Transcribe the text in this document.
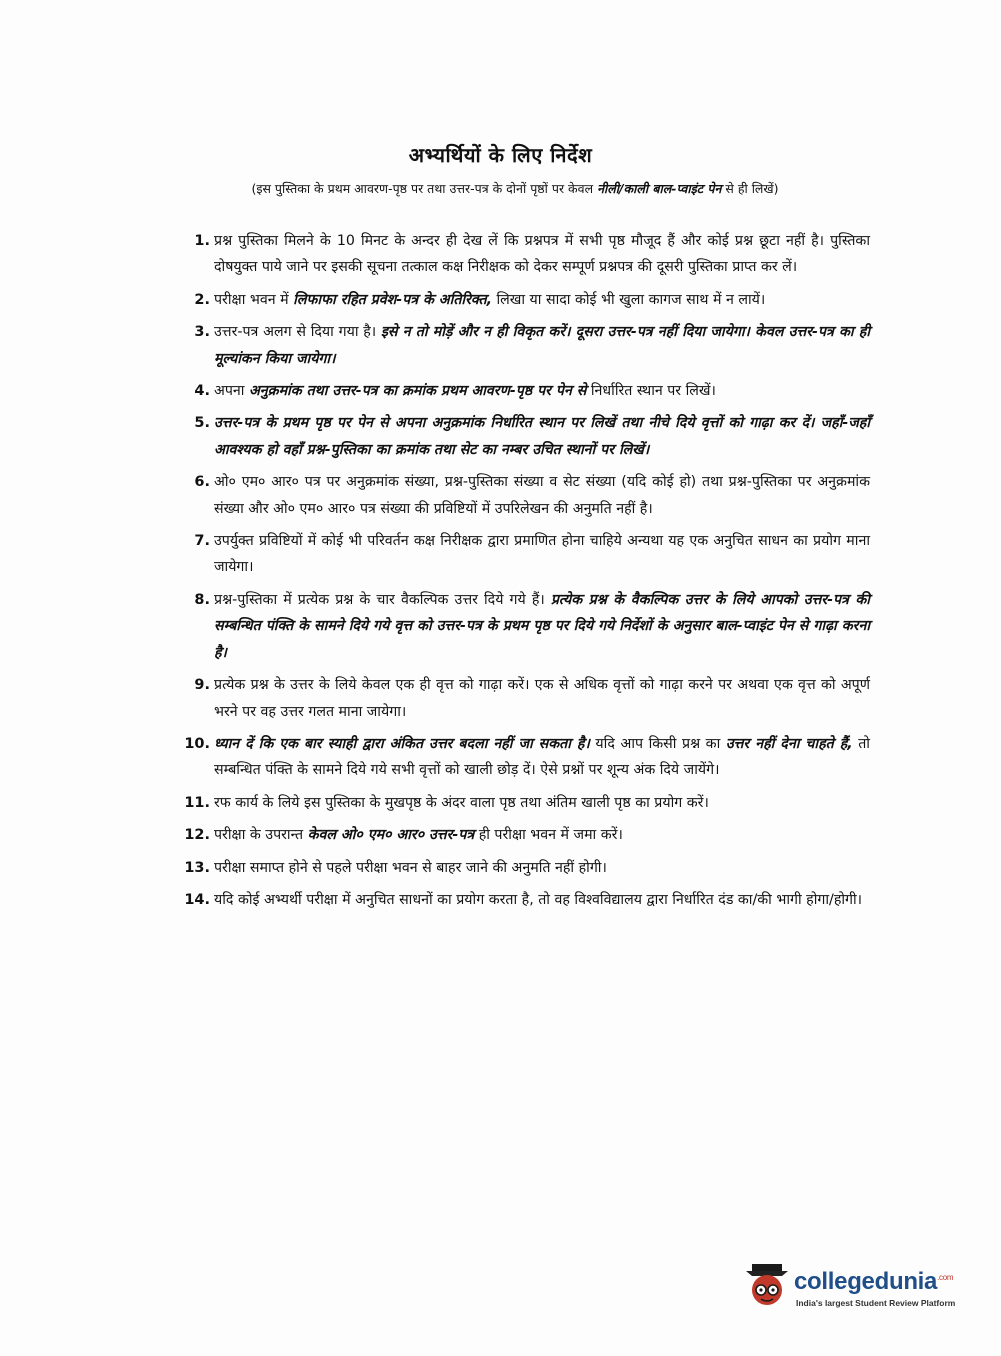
अभ्यर्थियों के लिए निर्देश
(इस पुस्तिका के प्रथम आवरण-पृष्ठ पर तथा उत्तर-पत्र के दोनों पृष्ठों पर केवल नीली/काली बाल-प्वाइंट पेन से ही लिखें)
1. प्रश्न पुस्तिका मिलने के 10 मिनट के अन्दर ही देख लें कि प्रश्नपत्र में सभी पृष्ठ मौजूद हैं और कोई प्रश्न छूटा नहीं है। पुस्तिका दोषयुक्त पाये जाने पर इसकी सूचना तत्काल कक्ष निरीक्षक को देकर सम्पूर्ण प्रश्नपत्र की दूसरी पुस्तिका प्राप्त कर लें।
2. परीक्षा भवन में लिफाफा रहित प्रवेश-पत्र के अतिरिक्त, लिखा या सादा कोई भी खुला कागज साथ में न लायें।
3. उत्तर-पत्र अलग से दिया गया है। इसे न तो मोड़ें और न ही विकृत करें। दूसरा उत्तर-पत्र नहीं दिया जायेगा। केवल उत्तर-पत्र का ही मूल्यांकन किया जायेगा।
4. अपना अनुक्रमांक तथा उत्तर-पत्र का क्रमांक प्रथम आवरण-पृष्ठ पर पेन से निर्धारित स्थान पर लिखें।
5. उत्तर-पत्र के प्रथम पृष्ठ पर पेन से अपना अनुक्रमांक निर्धारित स्थान पर लिखें तथा नीचे दिये वृत्तों को गाढ़ा कर दें। जहाँ-जहाँ आवश्यक हो वहाँ प्रश्न-पुस्तिका का क्रमांक तथा सेट का नम्बर उचित स्थानों पर लिखें।
6. ओ० एम० आर० पत्र पर अनुक्रमांक संख्या, प्रश्न-पुस्तिका संख्या व सेट संख्या (यदि कोई हो) तथा प्रश्न-पुस्तिका पर अनुक्रमांक संख्या और ओ० एम० आर० पत्र संख्या की प्रविष्टियों में उपरिलेखन की अनुमति नहीं है।
7. उपर्युक्त प्रविष्टियों में कोई भी परिवर्तन कक्ष निरीक्षक द्वारा प्रमाणित होना चाहिये अन्यथा यह एक अनुचित साधन का प्रयोग माना जायेगा।
8. प्रश्न-पुस्तिका में प्रत्येक प्रश्न के चार वैकल्पिक उत्तर दिये गये हैं। प्रत्येक प्रश्न के वैकल्पिक उत्तर के लिये आपको उत्तर-पत्र की सम्बन्धित पंक्ति के सामने दिये गये वृत्त को उत्तर-पत्र के प्रथम पृष्ठ पर दिये गये निर्देशों के अनुसार बाल-प्वाइंट पेन से गाढ़ा करना है।
9. प्रत्येक प्रश्न के उत्तर के लिये केवल एक ही वृत्त को गाढ़ा करें। एक से अधिक वृत्तों को गाढ़ा करने पर अथवा एक वृत्त को अपूर्ण भरने पर वह उत्तर गलत माना जायेगा।
10. ध्यान दें कि एक बार स्याही द्वारा अंकित उत्तर बदला नहीं जा सकता है। यदि आप किसी प्रश्न का उत्तर नहीं देना चाहते हैं, तो सम्बन्धित पंक्ति के सामने दिये गये सभी वृत्तों को खाली छोड़ दें। ऐसे प्रश्नों पर शून्य अंक दिये जायेंगे।
11. रफ कार्य के लिये इस पुस्तिका के मुखपृष्ठ के अंदर वाला पृष्ठ तथा अंतिम खाली पृष्ठ का प्रयोग करें।
12. परीक्षा के उपरान्त केवल ओ० एम० आर० उत्तर-पत्र ही परीक्षा भवन में जमा करें।
13. परीक्षा समाप्त होने से पहले परीक्षा भवन से बाहर जाने की अनुमति नहीं होगी।
14. यदि कोई अभ्यर्थी परीक्षा में अनुचित साधनों का प्रयोग करता है, तो वह विश्वविद्यालय द्वारा निर्धारित दंड का/की भागी होगा/होगी।
collegedunia$^{.com}$
India's largest Student Review Platform
